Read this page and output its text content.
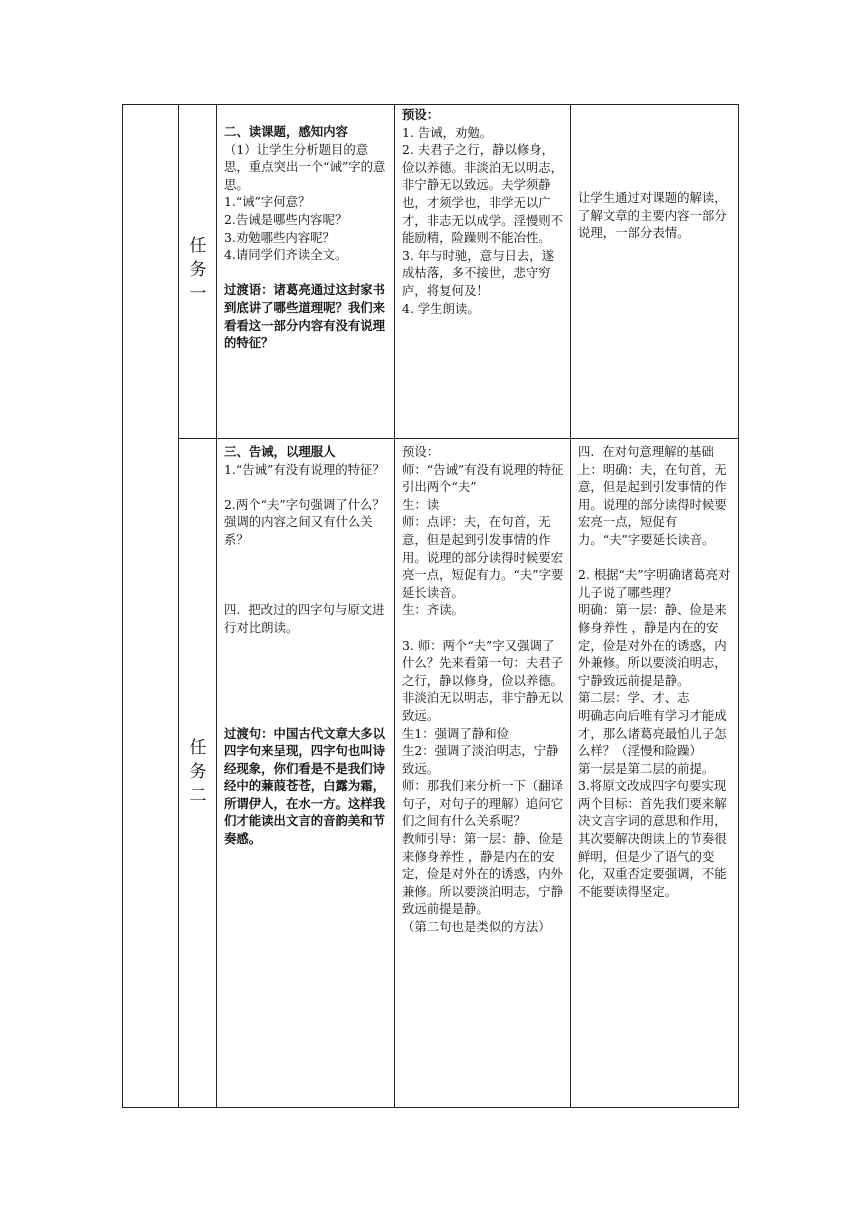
任
务
一

二、读课题，感知内容

（1）让学生分析题目的意思，重点突出一个“诫”字的意思。

1.“诫”字何意？

2.告诫是哪些内容呢？

3.劝勉哪些内容呢？

4.请同学们齐读全文。

过渡语：诸葛亮通过这封家书到底讲了哪些道理呢？我们来看看这一部分内容有没有说理的特征？

预设：

1. 告诫，劝勉。

2. 夫君子之行，静以修身，俭以养德。非淡泊无以明志，非宁静无以致远。夫学须静也，才须学也，非学无以广才，非志无以成学。淫慢则不能励精，险躁则不能冶性。

3. 年与时驰，意与日去，遂成枯落，多不接世，悲守穷庐，将复何及！

4. 学生朗读。

让学生通过对课题的解读，了解文章的主要内容一部分说理，一部分表情。

任
务
二

三、告诫，以理服人

1.“告诫”有没有说理的特征？

2.两个“夫”字句强调了什么？强调的内容之间又有什么关系？

四.  把改过的四字句与原文进行对比朗读。

过渡句：中国古代文章大多以四字句来呈现，四字句也叫诗经现象，你们看是不是我们诗经中的蒹葭苍苍，白露为霜，所谓伊人，在水一方。这样我们才能读出文言的音韵美和节奏感。

预设：

师：“告诫”有没有说理的特征引出两个“夫”

生：读

师：点评：夫，在句首，无意，但是起到引发事情的作用。说理的部分读得时候要宏亮一点，短促有力。“夫”字要延长读音。

生：齐读。

3. 师：两个“夫”字又强调了什么？先来看第一句：夫君子之行，静以修身，俭以养德。非淡泊无以明志，非宁静无以致远。

生1：强调了静和俭

生2：强调了淡泊明志，宁静致远。

师：那我们来分析一下（翻译句子，对句子的理解）追问它们之间有什么关系呢？

教师引导：第一层：静、俭是来修身养性 ，静是内在的安定，俭是对外在的诱惑，内外兼修。所以要淡泊明志，宁静致远前提是静。

（第二句也是类似的方法）

四.  在对句意理解的基础上：明确：夫，在句首，无意，但是起到引发事情的作用。说理的部分读得时候要宏亮一点，短促有力。“夫”字要延长读音。

2. 根据“夫”字明确诸葛亮对儿子说了哪些理？

明确：第一层：静、俭是来修身养性 ，静是内在的安定，俭是对外在的诱惑，内外兼修。所以要淡泊明志，宁静致远前提是静。

第二层：学、才、志

明确志向后唯有学习才能成才，那么诸葛亮最怕儿子怎么样？（淫慢和险躁）

第一层是第二层的前提。

3.将原文改成四字句要实现两个目标：首先我们要来解决文言字词的意思和作用，其次要解决朗读上的节奏很鲜明，但是少了语气的变化，双重否定要强调，不能不能要读得坚定。
